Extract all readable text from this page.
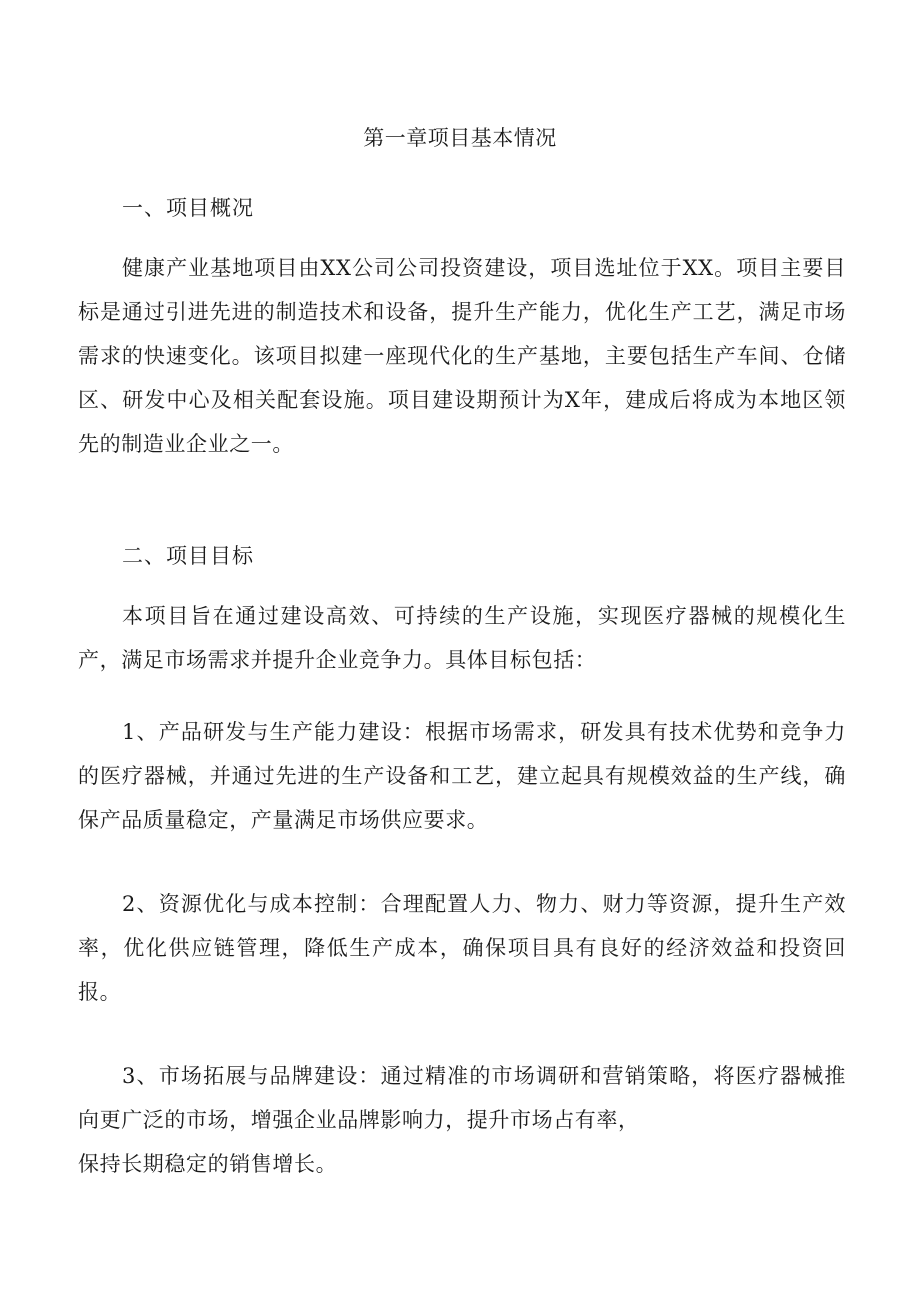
第一章项目基本情况
一、项目概况
健康产业基地项目由XX公司公司投资建设，项目选址位于XX。项目主要目标是通过引进先进的制造技术和设备，提升生产能力，优化生产工艺，满足市场需求的快速变化。该项目拟建一座现代化的生产基地，主要包括生产车间、仓储区、研发中心及相关配套设施。项目建设期预计为X年，建成后将成为本地区领先的制造业企业之一。
二、项目目标
本项目旨在通过建设高效、可持续的生产设施，实现医疗器械的规模化生产，满足市场需求并提升企业竞争力。具体目标包括：
1、产品研发与生产能力建设：根据市场需求，研发具有技术优势和竞争力的医疗器械，并通过先进的生产设备和工艺，建立起具有规模效益的生产线，确保产品质量稳定，产量满足市场供应要求。
2、资源优化与成本控制：合理配置人力、物力、财力等资源，提升生产效率，优化供应链管理，降低生产成本，确保项目具有良好的经济效益和投资回报。
3、市场拓展与品牌建设：通过精准的市场调研和营销策略，将医疗器械推向更广泛的市场，增强企业品牌影响力，提升市场占有率，
保持长期稳定的销售增长。
